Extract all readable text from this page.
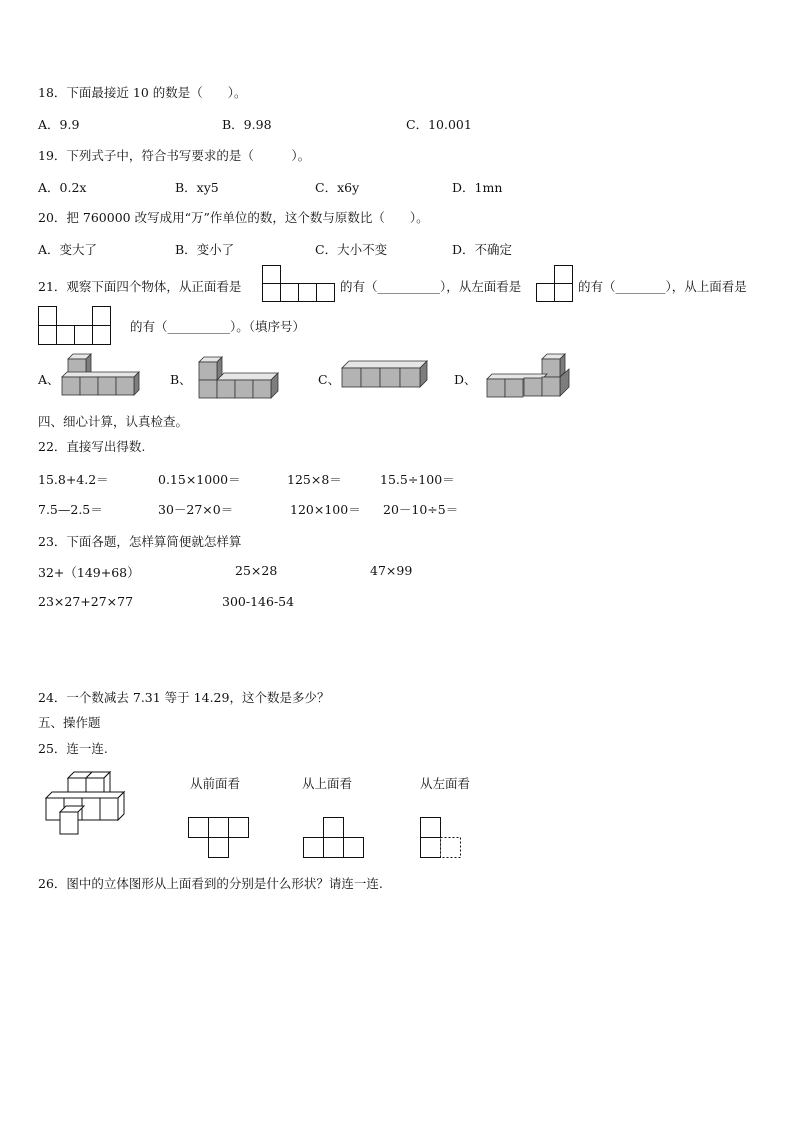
18．下面最接近 10 的数是（　　）。
A．9.9	B．9.98	C．10.001
19．下列式子中，符合书写要求的是（　　　）。
A．0.2x	B．xy5	C．x6y	D．1mn
20．把 760000 改写成用“万”作单位的数，这个数与原数比（　　）。
A．变大了	B．变小了	C．大小不变	D．不确定
21．观察下面四个物体，从正面看是	的有（__________），从左面看是	的有（________），从上面看是
的有（__________）。（填序号）
A、	B、	C、	D、
四、细心计算，认真检查。
22．直接写出得数.
15.8+4.2＝	0.15×1000＝	125×8＝	15.5÷100＝
7.5—2.5＝	30－27×0＝	120×100＝ 20－10÷5＝
23．下面各题，怎样算简便就怎样算
32+（149+68）	25×28	47×99
23×27+27×77	300-146-54
24．一个数减去 7.31 等于 14.29，这个数是多少？
五、操作题
25．连一连.
从前面看	从上面看	从左面看
26．图中的立体图形从上面看到的分别是什么形状？请连一连.
